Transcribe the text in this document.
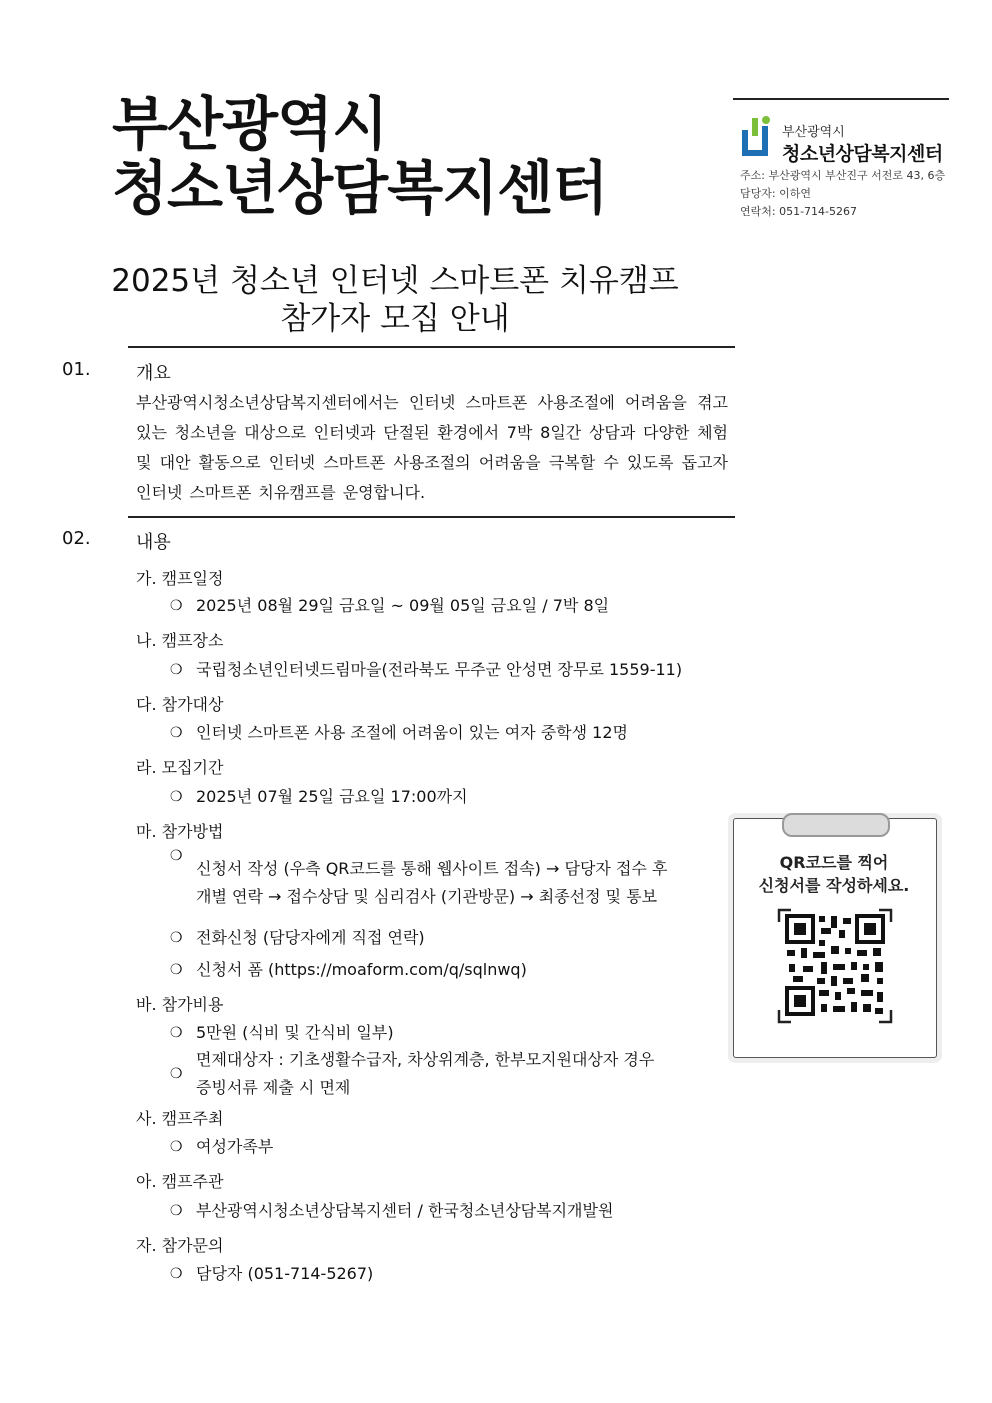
부산광역시
청소년상담복지센터
부산광역시
청소년상담복지센터
주소: 부산광역시 부산진구 서전로 43, 6층
담당자: 이하연
연락처: 051-714-5267
2025년 청소년 인터넷 스마트폰 치유캠프
참가자 모집 안내
01.	개요
부산광역시청소년상담복지센터에서는 인터넷 스마트폰 사용조절에 어려움을 겪고 있는 청소년을 대상으로 인터넷과 단절된 환경에서 7박 8일간 상담과 다양한 체험 및 대안 활동으로 인터넷 스마트폰 사용조절의 어려움을 극복할 수 있도록 돕고자 인터넷 스마트폰 치유캠프를 운영합니다.
02.	내용
가. 캠프일정
❍ 2025년 08월 29일 금요일 ~ 09월 05일 금요일 / 7박 8일
나. 캠프장소
❍ 국립청소년인터넷드림마을(전라북도 무주군 안성면 장무로 1559-11)
다. 참가대상
❍ 인터넷 스마트폰 사용 조절에 어려움이 있는 여자 중학생 12명
라. 모집기간
❍ 2025년 07월 25일 금요일 17:00까지
마. 참가방법
❍
신청서 작성 (우측 QR코드를 통해 웹사이트 접속) → 담당자 접수 후
개별 연락 → 접수상담 및 심리검사 (기관방문) → 최종선정 및 통보
❍ 전화신청 (담당자에게 직접 연락)
❍ 신청서 폼 (https://moaform.com/q/sqlnwq)
바. 참가비용
❍ 5만원 (식비 및 간식비 일부)
❍
면제대상자 : 기초생활수급자, 차상위계층, 한부모지원대상자 경우
증빙서류 제출 시 면제
사. 캠프주최
❍ 여성가족부
아. 캠프주관
❍ 부산광역시청소년상담복지센터 / 한국청소년상담복지개발원
자. 참가문의
❍ 담당자 (051-714-5267)
QR코드를 찍어
신청서를 작성하세요.
